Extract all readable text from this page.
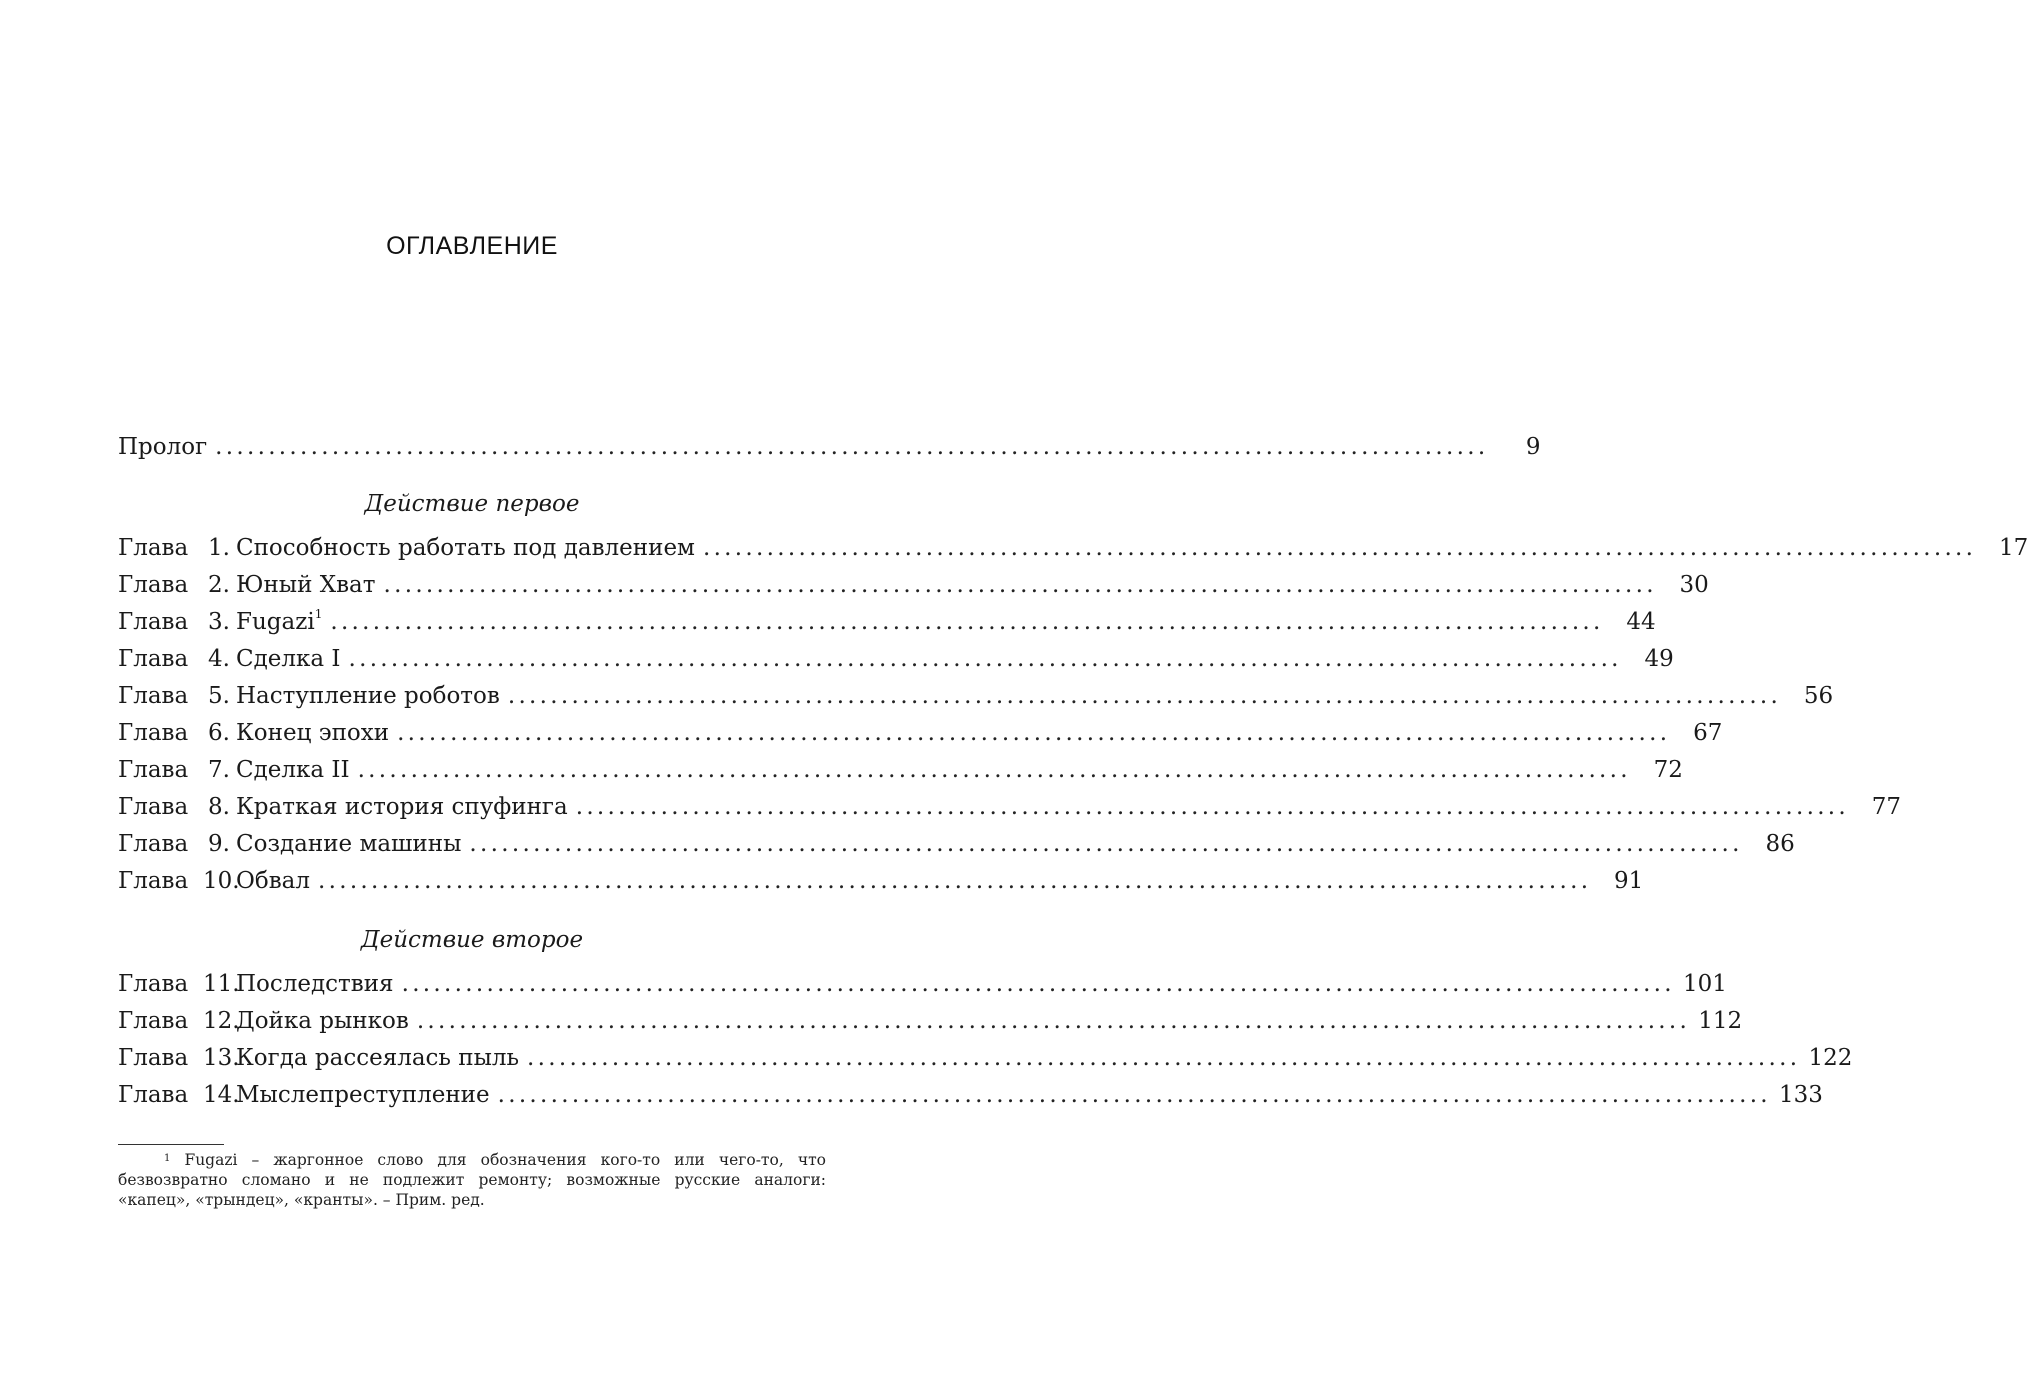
ОГЛАВЛЕНИЕ
Пролог ........................................................................................................................	9
Действие первое
Глава 1. Способность работать под давлением ........................................................................................................................ 17
Глава 2. Юный Хват ........................................................................................................................ 30
Глава 3. Fugazi$^1$ ........................................................................................................................ 44
Глава 4. Сделка I ........................................................................................................................ 49
Глава 5. Наступление роботов ........................................................................................................................ 56
Глава 6. Конец эпохи ........................................................................................................................ 67
Глава 7. Сделка II ........................................................................................................................ 72
Глава 8. Краткая история спуфинга ........................................................................................................................ 77
Глава 9. Создание машины ........................................................................................................................ 86
Глава 10.Обвал ........................................................................................................................ 91
Действие второе
Глава 11.Последствия ........................................................................................................................ 101
Глава 12.Дойка рынков ........................................................................................................................ 112
Глава 13.Когда рассеялась пыль ........................................................................................................................ 122
Глава 14.Мыслепреступление ........................................................................................................................ 133
$^1$ Fugazi – жаргонное слово для обозначения кого-то или чего-то, что безвозвратно сломано и не подлежит ремонту; возможные русские аналоги: «капец», «трындец», «кранты». – Прим. ред.
